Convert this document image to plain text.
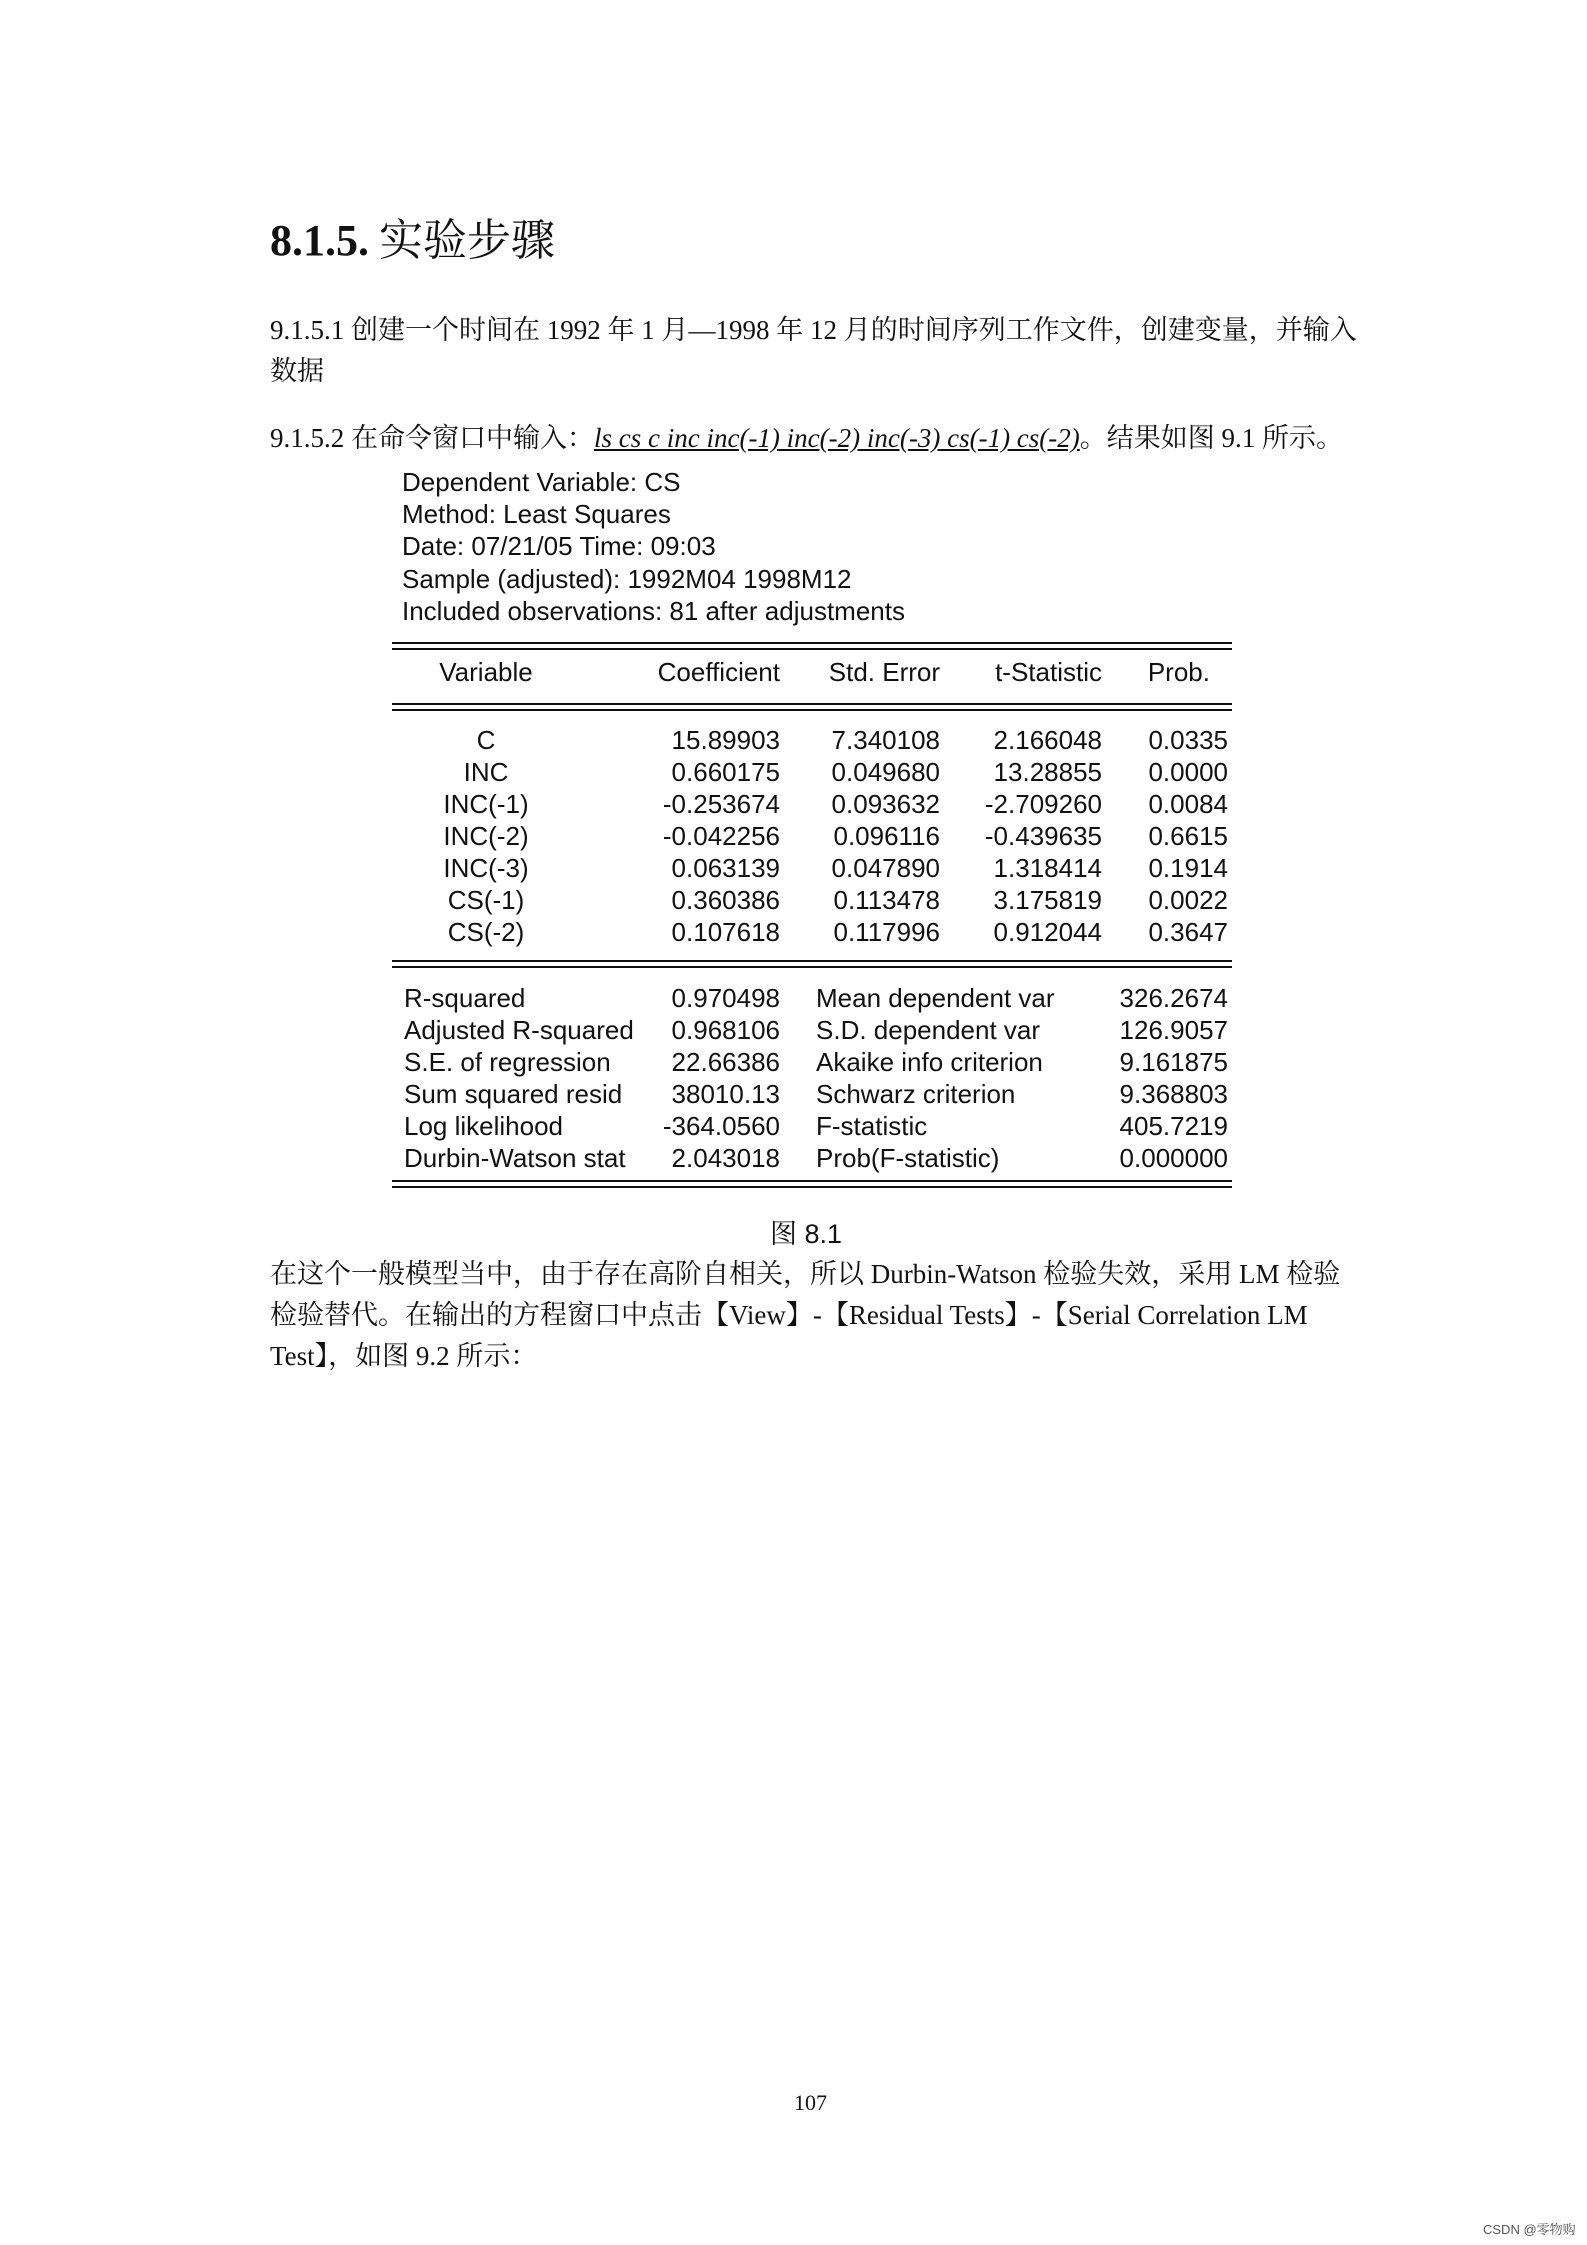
8.1.5. 实验步骤
9.1.5.1 创建一个时间在 1992 年 1 月—1998 年 12 月的时间序列工作文件，创建变量，并输入数据
9.1.5.2 在命令窗口中输入：ls cs c inc inc(-1) inc(-2) inc(-3) cs(-1) cs(-2)。结果如图 9.1 所示。
Dependent Variable: CS
Method: Least Squares
Date: 07/21/05 Time: 09:03
Sample (adjusted): 1992M04 1998M12
Included observations: 81 after adjustments
Variable	Coefficient	Std. Error	t-Statistic	Prob.
C	15.89903	7.340108	2.166048	0.0335
INC	0.660175	0.049680	13.28855	0.0000
INC(-1)	-0.253674	0.093632	-2.709260	0.0084
INC(-2)	-0.042256	0.096116	-0.439635	0.6615
INC(-3)	0.063139	0.047890	1.318414	0.1914
CS(-1)	0.360386	0.113478	3.175819	0.0022
CS(-2)	0.107618	0.117996	0.912044	0.3647
R-squared	0.970498	Mean dependent var	326.2674
Adjusted R-squared	0.968106	S.D. dependent var	126.9057
S.E. of regression	22.66386	Akaike info criterion	9.161875
Sum squared resid	38010.13	Schwarz criterion	9.368803
Log likelihood	-364.0560	F-statistic	405.7219
Durbin-Watson stat	2.043018	Prob(F-statistic)	0.000000
图 8.1
在这个一般模型当中，由于存在高阶自相关，所以 Durbin-Watson 检验失效，采用 LM 检验检验替代。在输出的方程窗口中点击【View】-【Residual Tests】-【Serial Correlation LM Test】，如图 9.2 所示：
107
CSDN @零物购
